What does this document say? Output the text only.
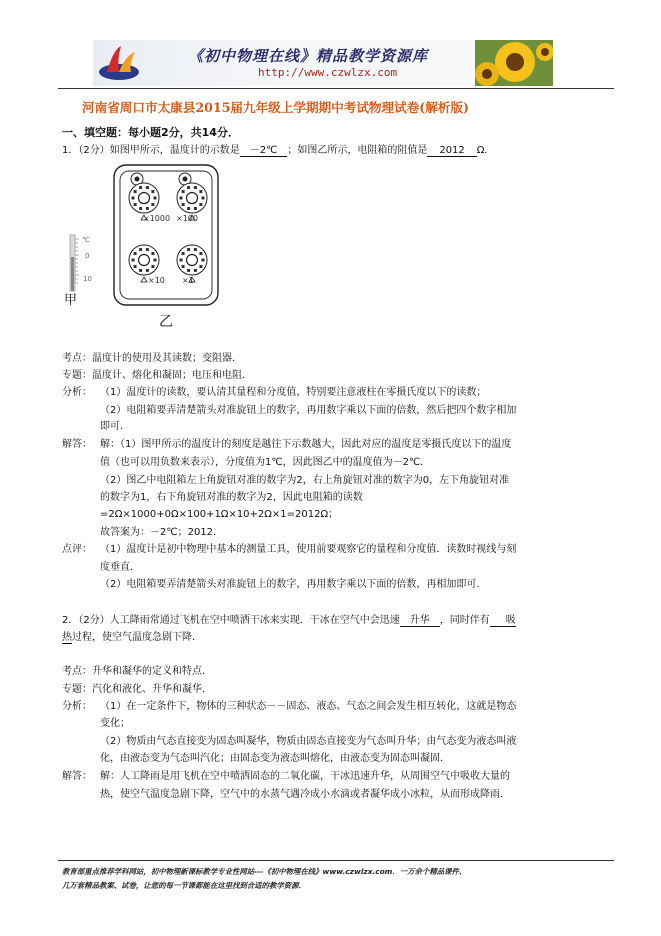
《初中物理在线》精品教学资源库
http://www.czwlzx.com
河南省周口市太康县2015届九年级上学期期中考试物理试卷(解析版)
一、填空题：每小题2分，共14分．
1．（2分）如图甲所示，温度计的示数是 －2℃ ；如图乙所示，电阻箱的阻值是 2012 Ω．
℃
0
10
甲
×1000 ×100
×10 ×1
乙
考点：温度计的使用及其读数；变阻器．
专题：温度计、熔化和凝固；电压和电阻．
分析： （1）温度计的读数，要认清其量程和分度值，特别要注意液柱在零摄氏度以下的读数；
（2）电阻箱要弄清楚箭头对准旋钮上的数字，再用数字乘以下面的倍数，然后把四个数字相加
即可．
解答： 解：（1）图甲所示的温度计的刻度是越往下示数越大，因此对应的温度是零摄氏度以下的温度
值（也可以用负数来表示），分度值为1℃，因此图乙中的温度值为－2℃．
（2）图乙中电阻箱左上角旋钮对准的数字为2，右上角旋钮对准的数字为0，左下角旋钮对准
的数字为1，右下角旋钮对准的数字为2，因此电阻箱的读数
=2Ω×1000+0Ω×100+1Ω×10+2Ω×1=2012Ω；
故答案为：－2℃；2012．
点评： （1）温度计是初中物理中基本的测量工具，使用前要观察它的量程和分度值．读数时视线与刻
度垂直．
（2）电阻箱要弄清楚箭头对准旋钮上的数字，再用数字乘以下面的倍数，再相加即可．
2．（2分）人工降雨常通过飞机在空中喷洒干冰来实现．干冰在空气中会迅速 升华 ，同时伴有 吸
热过程，使空气温度急剧下降．
考点：升华和凝华的定义和特点．
专题：汽化和液化、升华和凝华．
分析： （1）在一定条件下，物体的三种状态－－固态、液态、气态之间会发生相互转化，这就是物态
变化；
（2）物质由气态直接变为固态叫凝华，物质由固态直接变为气态叫升华；由气态变为液态叫液
化，由液态变为气态叫汽化；由固态变为液态叫熔化，由液态变为固态叫凝固．
解答： 解：人工降雨是用飞机在空中喷洒固态的二氧化碳，干冰迅速升华，从周围空气中吸收大量的
热，使空气温度急剧下降，空气中的水蒸气遇冷成小水滴或者凝华成小冰粒，从而形成降雨．
教育部重点推荐学科网站，初中物理新课标教学专业性网站---《初中物理在线》www.czwlzx.com．一万余个精品课件、
几万套精品教案、试卷，让您的每一节课都能在这里找到合适的教学资源．
